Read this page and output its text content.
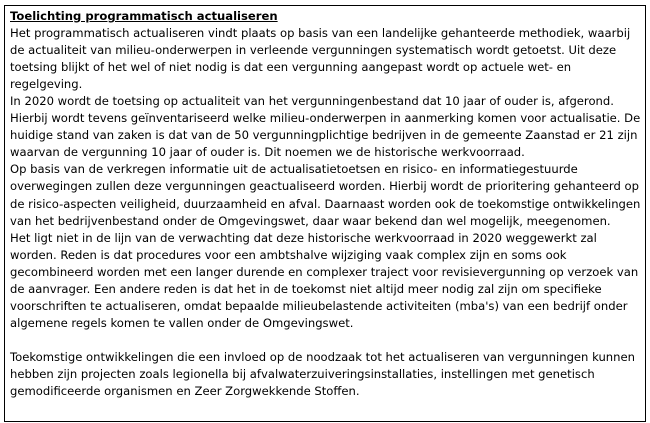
Toelichting programmatisch actualiseren

Het programmatisch actualiseren vindt plaats op basis van een landelijke gehanteerde methodiek, waarbij de actualiteit van milieu-onderwerpen in verleende vergunningen systematisch wordt getoetst. Uit deze toetsing blijkt of het wel of niet nodig is dat een vergunning aangepast wordt op actuele wet- en regelgeving.

In 2020 wordt de toetsing op actualiteit van het vergunningenbestand dat 10 jaar of ouder is, afgerond. Hierbij wordt tevens geïnventariseerd welke milieu-onderwerpen in aanmerking komen voor actualisatie. De huidige stand van zaken is dat van de 50 vergunningplichtige bedrijven in de gemeente Zaanstad er 21 zijn waarvan de vergunning 10 jaar of ouder is. Dit noemen we de historische werkvoorraad.

Op basis van de verkregen informatie uit de actualisatietoetsen en risico- en informatiegestuurde overwegingen zullen deze vergunningen geactualiseerd worden. Hierbij wordt de prioritering gehanteerd op de risico-aspecten veiligheid, duurzaamheid en afval. Daarnaast worden ook de toekomstige ontwikkelingen van het bedrijvenbestand onder de Omgevingswet, daar waar bekend dan wel mogelijk, meegenomen.

Het ligt niet in de lijn van de verwachting dat deze historische werkvoorraad in 2020 weggewerkt zal worden. Reden is dat procedures voor een ambtshalve wijziging vaak complex zijn en soms ook gecombineerd worden met een langer durende en complexer traject voor revisievergunning op verzoek van de aanvrager. Een andere reden is dat het in de toekomst niet altijd meer nodig zal zijn om specifieke voorschriften te actualiseren, omdat bepaalde milieubelastende activiteiten (mba's) van een bedrijf onder algemene regels komen te vallen onder de Omgevingswet.

Toekomstige ontwikkelingen die een invloed op de noodzaak tot het actualiseren van vergunningen kunnen hebben zijn projecten zoals legionella bij afvalwaterzuiveringsinstallaties, instellingen met genetisch gemodificeerde organismen en Zeer Zorgwekkende Stoffen.
